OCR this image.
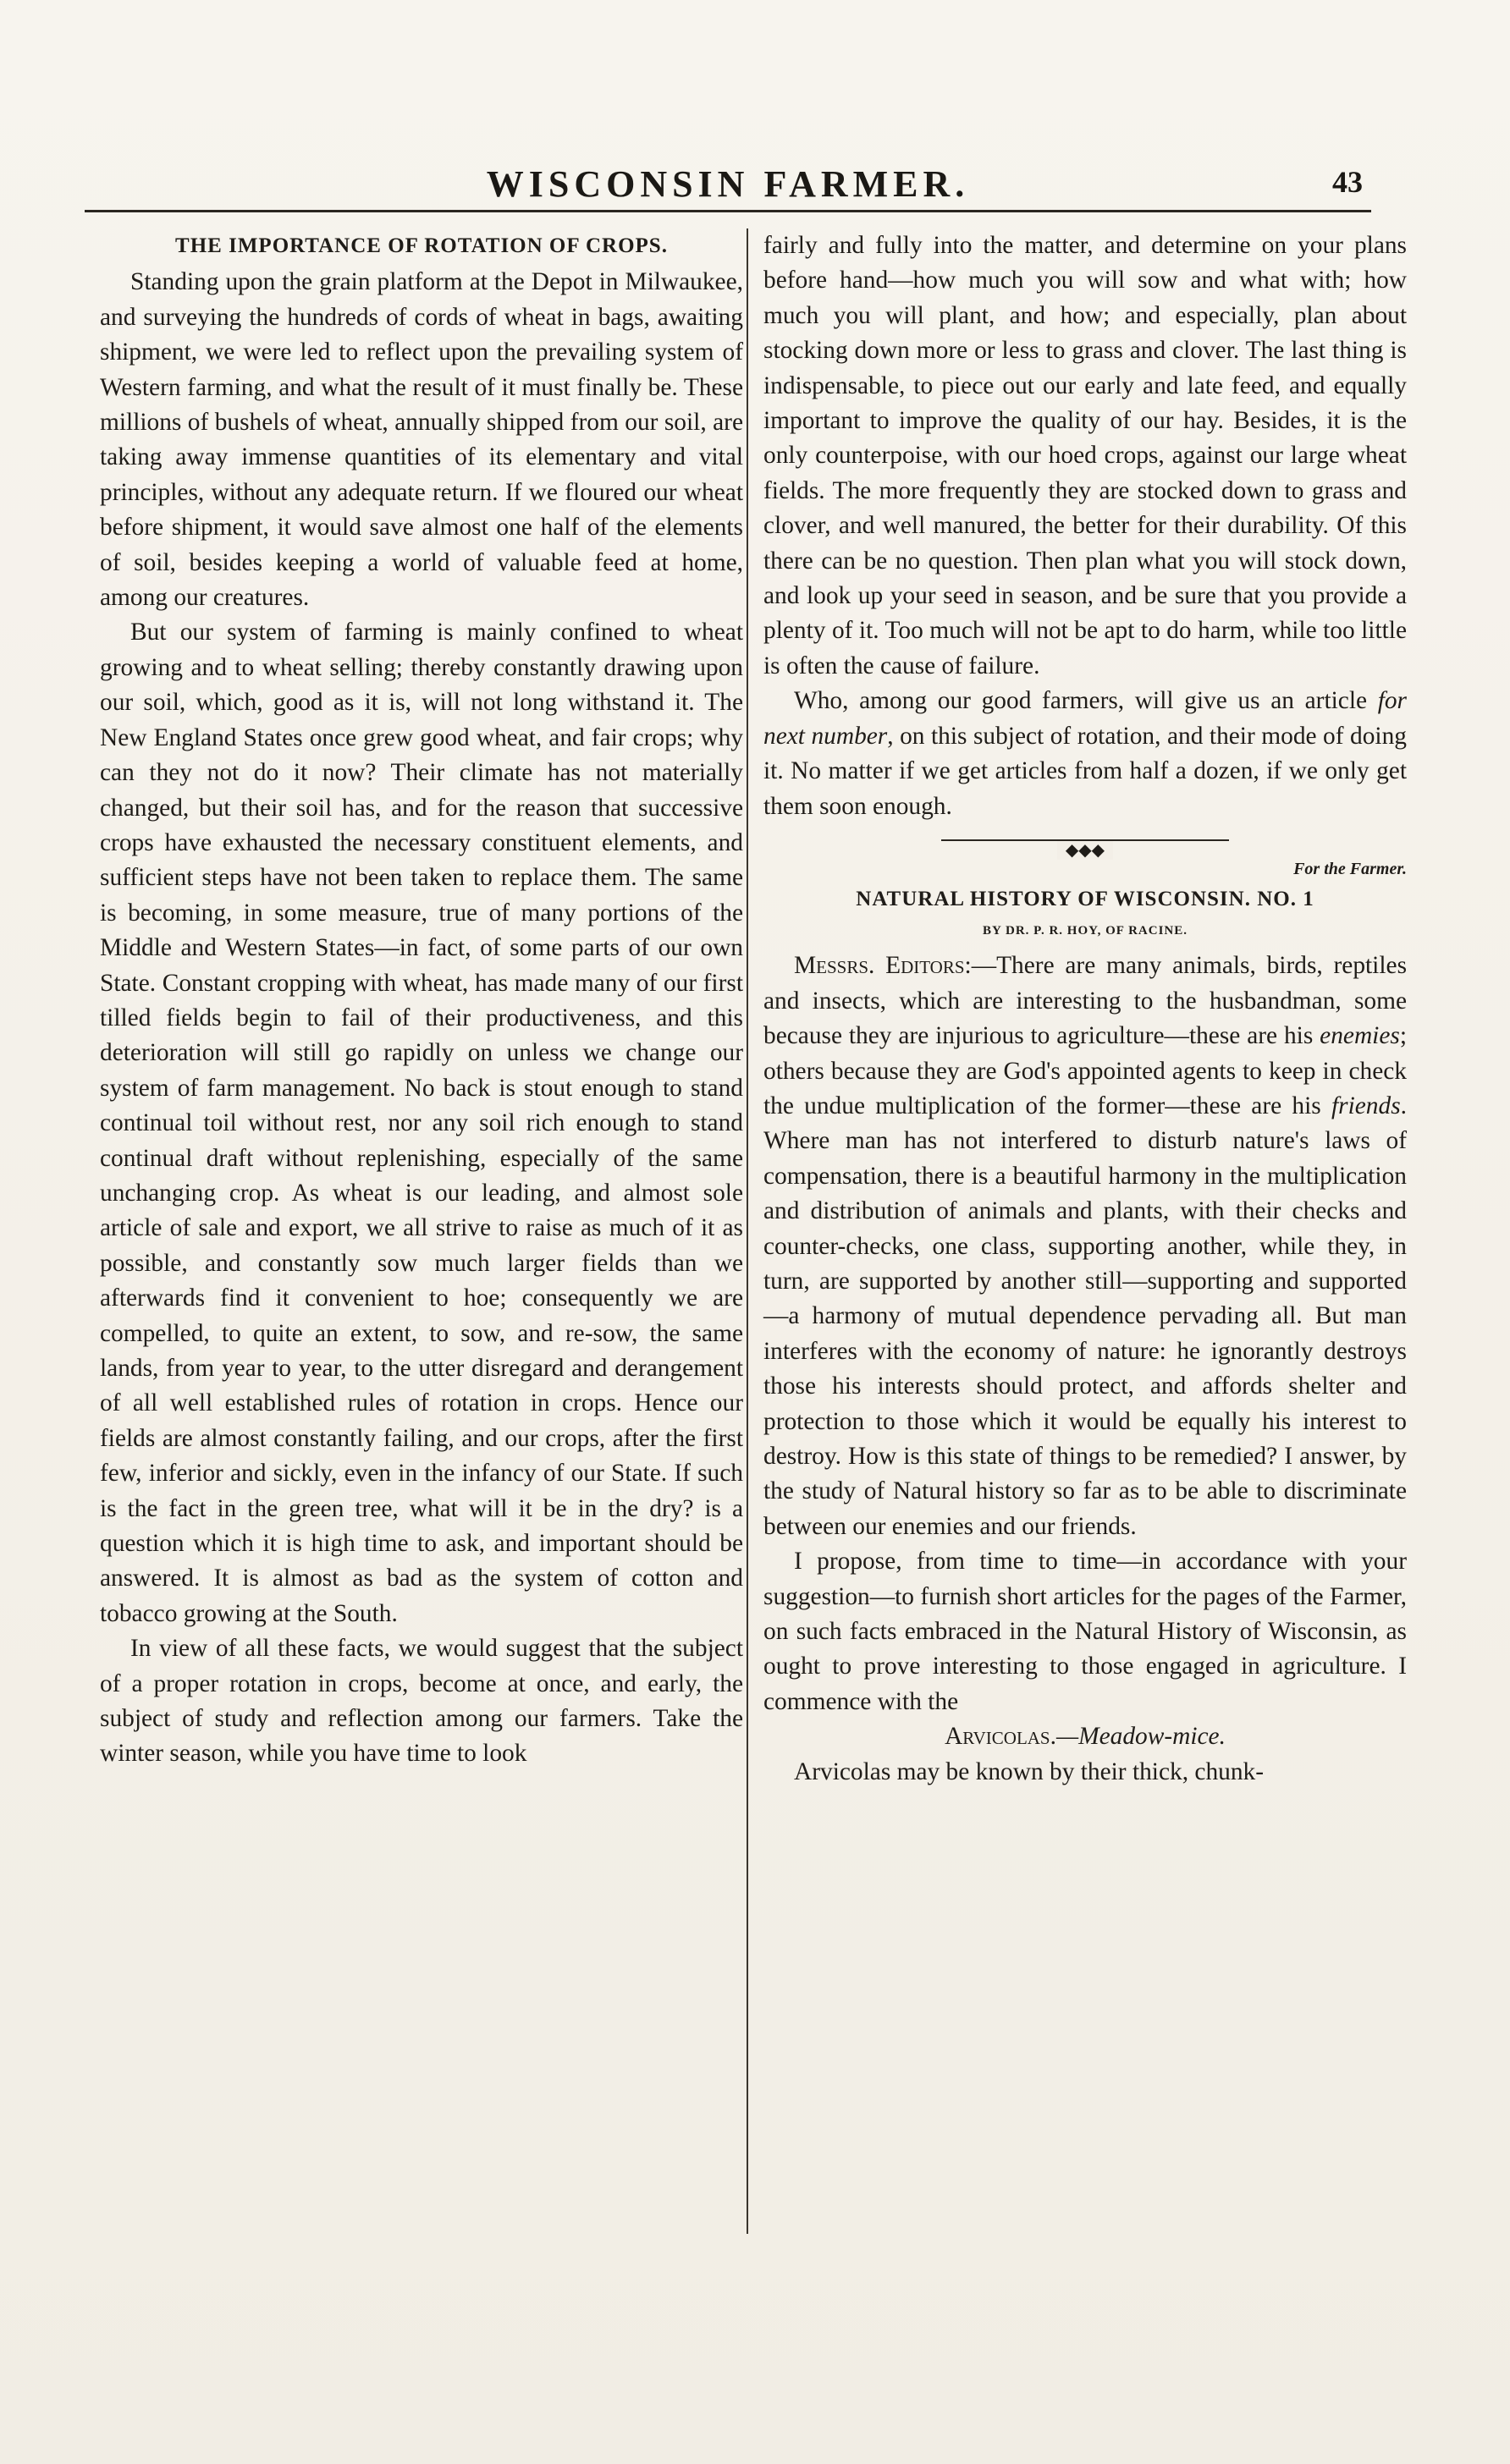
WISCONSIN FARMER.	43
THE IMPORTANCE OF ROTATION OF CROPS.

Standing upon the grain platform at the Depot in Milwaukee, and surveying the hundreds of cords of wheat in bags, awaiting shipment, we were led to reflect upon the prevailing system of Western farming, and what the result of it must finally be. These millions of bushels of wheat, annually shipped from our soil, are taking away immense quantities of its elementary and vital principles, without any adequate return. If we floured our wheat before shipment, it would save almost one half of the elements of soil, besides keeping a world of valuable feed at home, among our creatures.

But our system of farming is mainly confined to wheat growing and to wheat selling; thereby constantly drawing upon our soil, which, good as it is, will not long withstand it. The New England States once grew good wheat, and fair crops; why can they not do it now? Their climate has not materially changed, but their soil has, and for the reason that successive crops have exhausted the necessary constituent elements, and sufficient steps have not been taken to replace them. The same is becoming, in some measure, true of many portions of the Middle and Western States—in fact, of some parts of our own State. Constant cropping with wheat, has made many of our first tilled fields begin to fail of their productiveness, and this deterioration will still go rapidly on unless we change our system of farm management. No back is stout enough to stand continual toil without rest, nor any soil rich enough to stand continual draft without replenishing, especially of the same unchanging crop. As wheat is our leading, and almost sole article of sale and export, we all strive to raise as much of it as possible, and constantly sow much larger fields than we afterwards find it convenient to hoe; consequently we are compelled, to quite an extent, to sow, and re-sow, the same lands, from year to year, to the utter disregard and derangement of all well established rules of rotation in crops. Hence our fields are almost constantly failing, and our crops, after the first few, inferior and sickly, even in the infancy of our State. If such is the fact in the green tree, what will it be in the dry? is a question which it is high time to ask, and important should be answered. It is almost as bad as the system of cotton and tobacco growing at the South.

In view of all these facts, we would suggest that the subject of a proper rotation in crops, become at once, and early, the subject of study and reflection among our farmers. Take the winter season, while you have time to look

fairly and fully into the matter, and determine on your plans before hand—how much you will sow and what with; how much you will plant, and how; and especially, plan about stocking down more or less to grass and clover. The last thing is indispensable, to piece out our early and late feed, and equally important to improve the quality of our hay. Besides, it is the only counterpoise, with our hoed crops, against our large wheat fields. The more frequently they are stocked down to grass and clover, and well manured, the better for their durability. Of this there can be no question. Then plan what you will stock down, and look up your seed in season, and be sure that you provide a plenty of it. Too much will not be apt to do harm, while too little is often the cause of failure.

Who, among our good farmers, will give us an article for next number, on this subject of rotation, and their mode of doing it. No matter if we get articles from half a dozen, if we only get them soon enough.

◆◆◆
For the Farmer.
NATURAL HISTORY OF WISCONSIN. NO. 1
BY DR. P. R. HOY, OF RACINE.

Messrs. Editors:—There are many animals, birds, reptiles and insects, which are interesting to the husbandman, some because they are injurious to agriculture—these are his enemies; others because they are God's appointed agents to keep in check the undue multiplication of the former—these are his friends. Where man has not interfered to disturb nature's laws of compensation, there is a beautiful harmony in the multiplication and distribution of animals and plants, with their checks and counter-checks, one class, supporting another, while they, in turn, are supported by another still—supporting and supported—a harmony of mutual dependence pervading all. But man interferes with the economy of nature: he ignorantly destroys those his interests should protect, and affords shelter and protection to those which it would be equally his interest to destroy. How is this state of things to be remedied? I answer, by the study of Natural history so far as to be able to discriminate between our enemies and our friends.

I propose, from time to time—in accordance with your suggestion—to furnish short articles for the pages of the Farmer, on such facts embraced in the Natural History of Wisconsin, as ought to prove interesting to those engaged in agriculture. I commence with the

Arvicolas.—Meadow-mice.

Arvicolas may be known by their thick, chunk-
